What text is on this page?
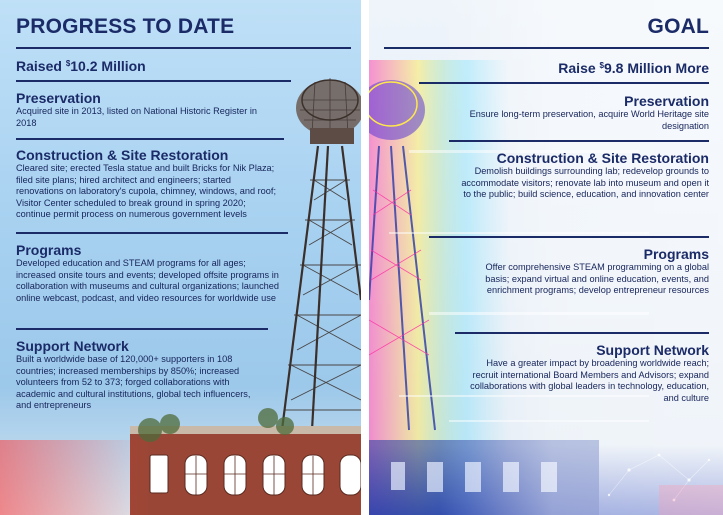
PROGRESS TO DATE
Raised $10.2 Million
Preservation
Acquired site in 2013, listed on National Historic Register in 2018
Construction & Site Restoration
Cleared site; erected Tesla statue and built Bricks for Nik Plaza; filed site plans; hired architect and engineers; started renovations on laboratory's cupola, chimney, windows, and roof; Visitor Center scheduled to break ground in spring 2020; continue permit process on numerous government levels
Programs
Developed education and STEAM programs for all ages; increased onsite tours and events; developed offsite programs in collaboration with museums and cultural organizations; launched online webcast, podcast, and video resources for worldwide use
Support Network
Built a worldwide base of 120,000+ supporters in 108 countries; increased memberships by 850%; increased volunteers from 52 to 373; forged collaborations with academic and cultural institutions, global tech influencers, and entrepreneurs
GOAL
Raise $9.8 Million More
Preservation
Ensure long-term preservation, acquire World Heritage site designation
Construction & Site Restoration
Demolish buildings surrounding lab; redevelop grounds to accommodate visitors; renovate lab into museum and open it to the public; build science, education, and innovation center
Programs
Offer comprehensive STEAM programming on a global basis; expand virtual and online education, events, and enrichment programs; develop entrepreneur resources
Support Network
Have a greater impact by broadening worldwide reach; recruit international Board Members and Advisors; expand collaborations with global leaders in technology, education, and culture
